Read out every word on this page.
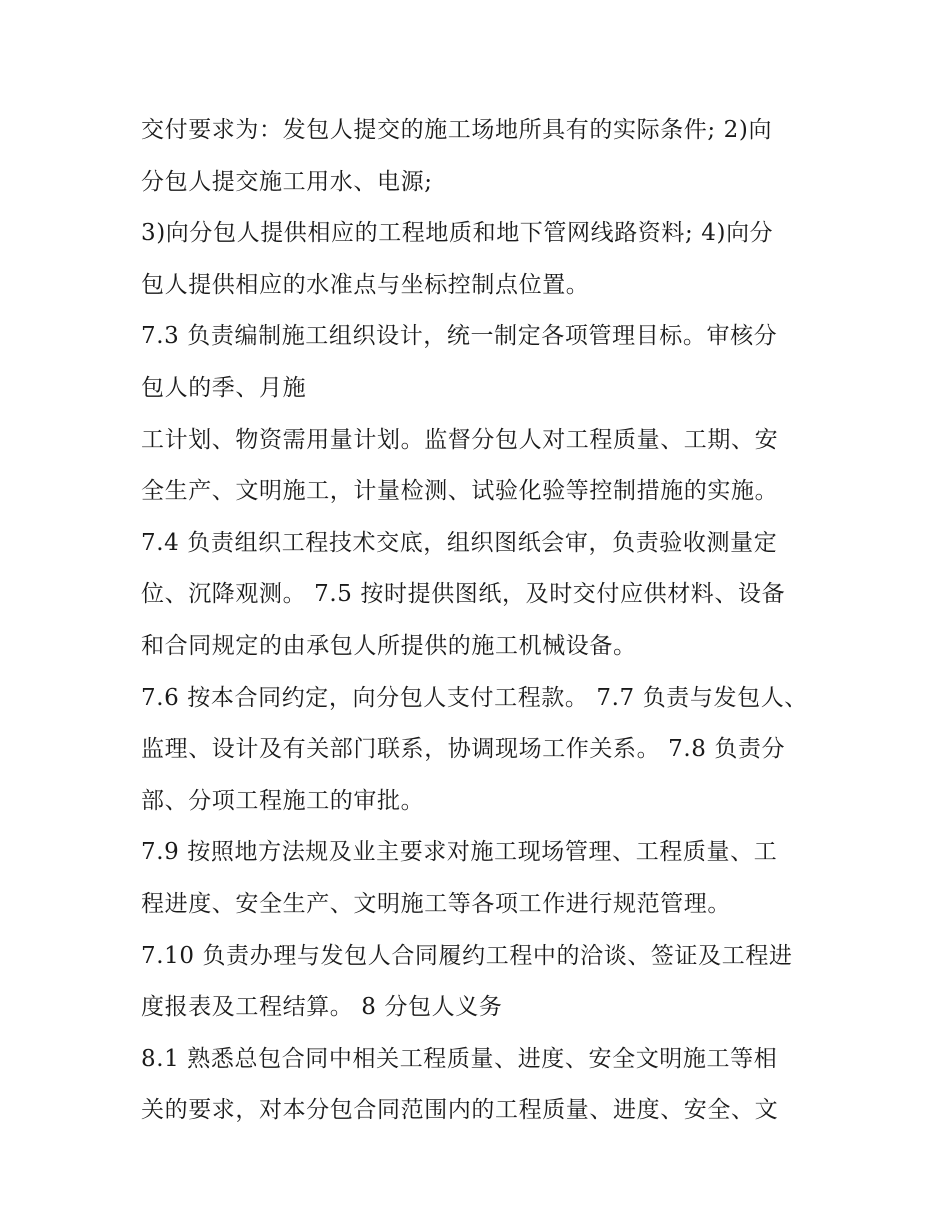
交付要求为：发包人提交的施工场地所具有的实际条件; 2)向
分包人提交施工用水、电源;
3)向分包人提供相应的工程地质和地下管网线路资料; 4)向分
包人提供相应的水准点与坐标控制点位置。
7.3 负责编制施工组织设计，统一制定各项管理目标。审核分
包人的季、月施
工计划、物资需用量计划。监督分包人对工程质量、工期、安
全生产、文明施工，计量检测、试验化验等控制措施的实施。
7.4 负责组织工程技术交底，组织图纸会审，负责验收测量定
位、沉降观测。 7.5 按时提供图纸，及时交付应供材料、设备
和合同规定的由承包人所提供的施工机械设备。
7.6 按本合同约定，向分包人支付工程款。 7.7 负责与发包人、
监理、设计及有关部门联系，协调现场工作关系。 7.8 负责分
部、分项工程施工的审批。
7.9 按照地方法规及业主要求对施工现场管理、工程质量、工
程进度、安全生产、文明施工等各项工作进行规范管理。
7.10 负责办理与发包人合同履约工程中的洽谈、签证及工程进
度报表及工程结算。 8 分包人义务
8.1 熟悉总包合同中相关工程质量、进度、安全文明施工等相
关的要求，对本分包合同范围内的工程质量、进度、安全、文
